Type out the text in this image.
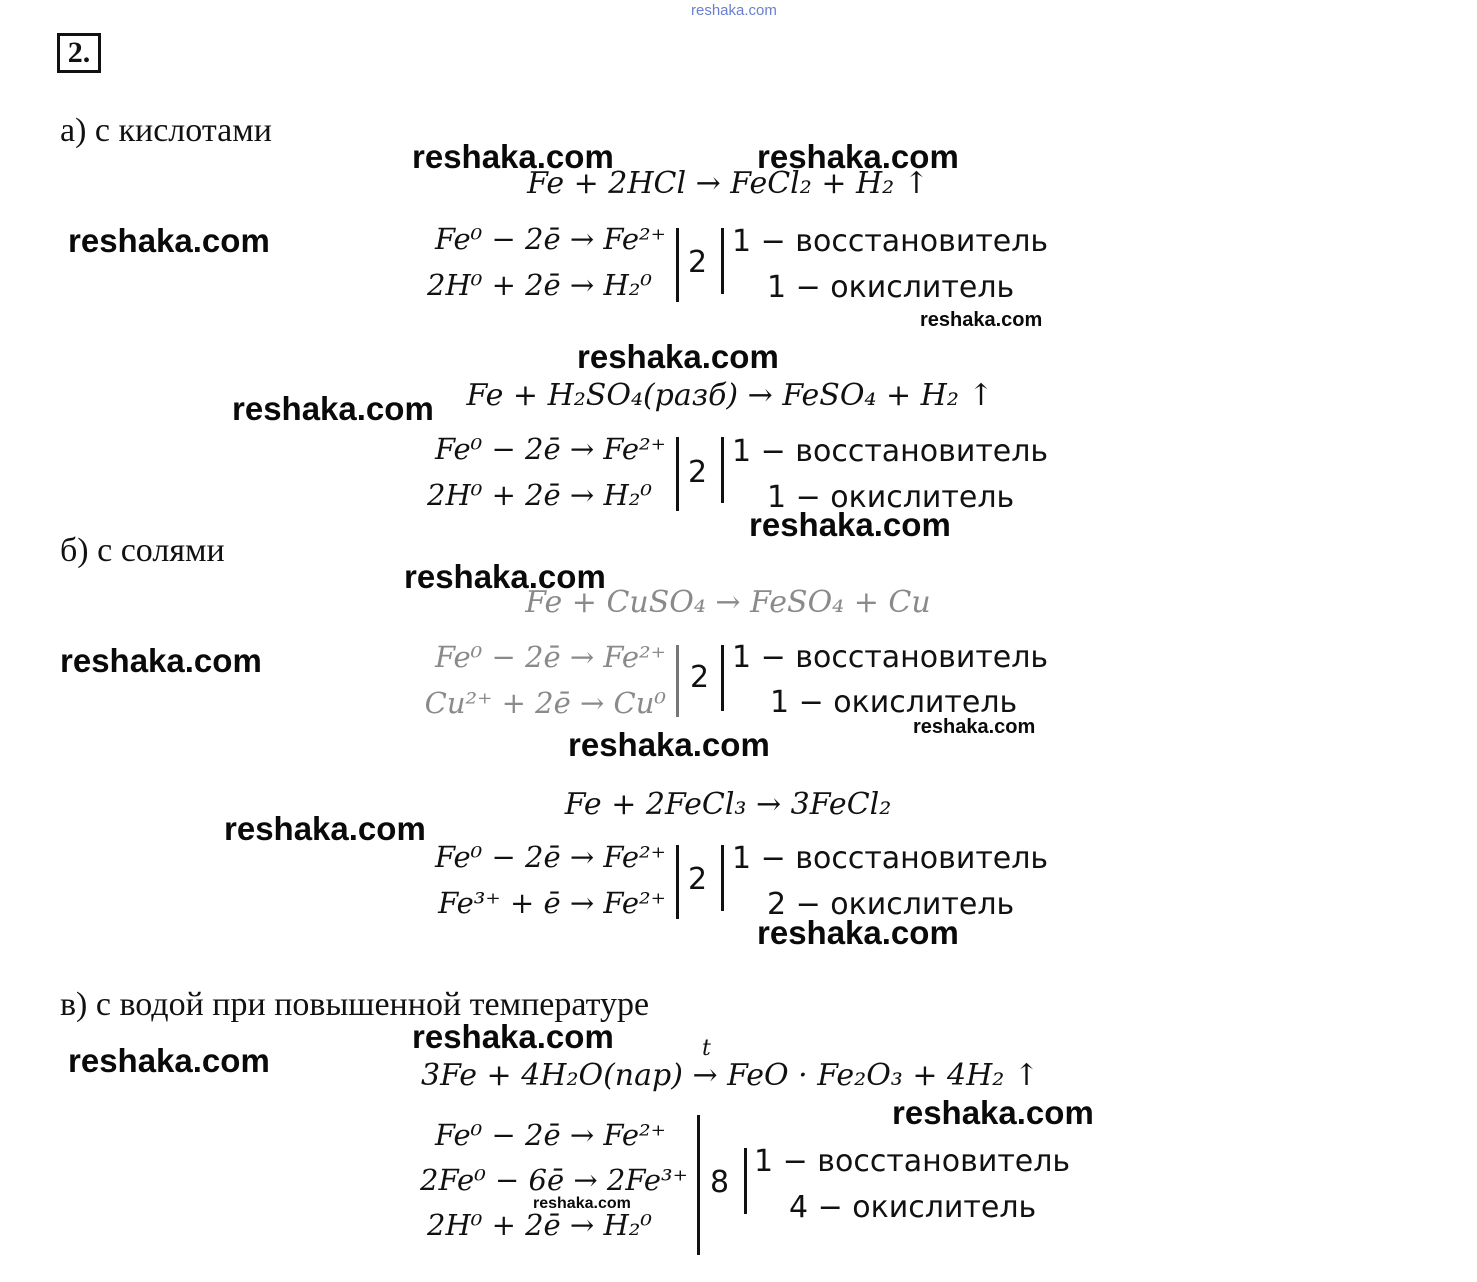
reshaka.com
2.
а) с кислотами
Fe + 2HCl → FeCl₂ + H₂ ↑
Fe⁰ − 2ē → Fe²⁺
2H⁰ + 2ē → H₂⁰
2
1 − восстановитель
1 − окислитель
Fe + H₂SO₄(разб) → FeSO₄ + H₂ ↑
Fe⁰ − 2ē → Fe²⁺
2H⁰ + 2ē → H₂⁰
2
1 − восстановитель
1 − окислитель
б) с солями
Fe + CuSO₄ → FeSO₄ + Cu
Fe⁰ − 2ē → Fe²⁺
Cu²⁺ + 2ē → Cu⁰
2
1 − восстановитель
1 − окислитель
Fe + 2FeCl₃ → 3FeCl₂
Fe⁰ − 2ē → Fe²⁺
Fe³⁺ + ē → Fe²⁺
2
1 − восстановитель
2 − окислитель
в) с водой при повышенной температуре
t
3Fe + 4H₂O(пар) → FeO · Fe₂O₃ + 4H₂ ↑
Fe⁰ − 2ē → Fe²⁺
2Fe⁰ − 6ē → 2Fe³⁺
2H⁰ + 2ē → H₂⁰
8
1 − восстановитель
4 − окислитель
reshaka.com	reshaka.com
reshaka.com
reshaka.com
reshaka.com
reshaka.com
reshaka.com
reshaka.com
reshaka.com
reshaka.com
reshaka.com
reshaka.com
reshaka.com
reshaka.com
reshaka.com
reshaka.com
reshaka.com
